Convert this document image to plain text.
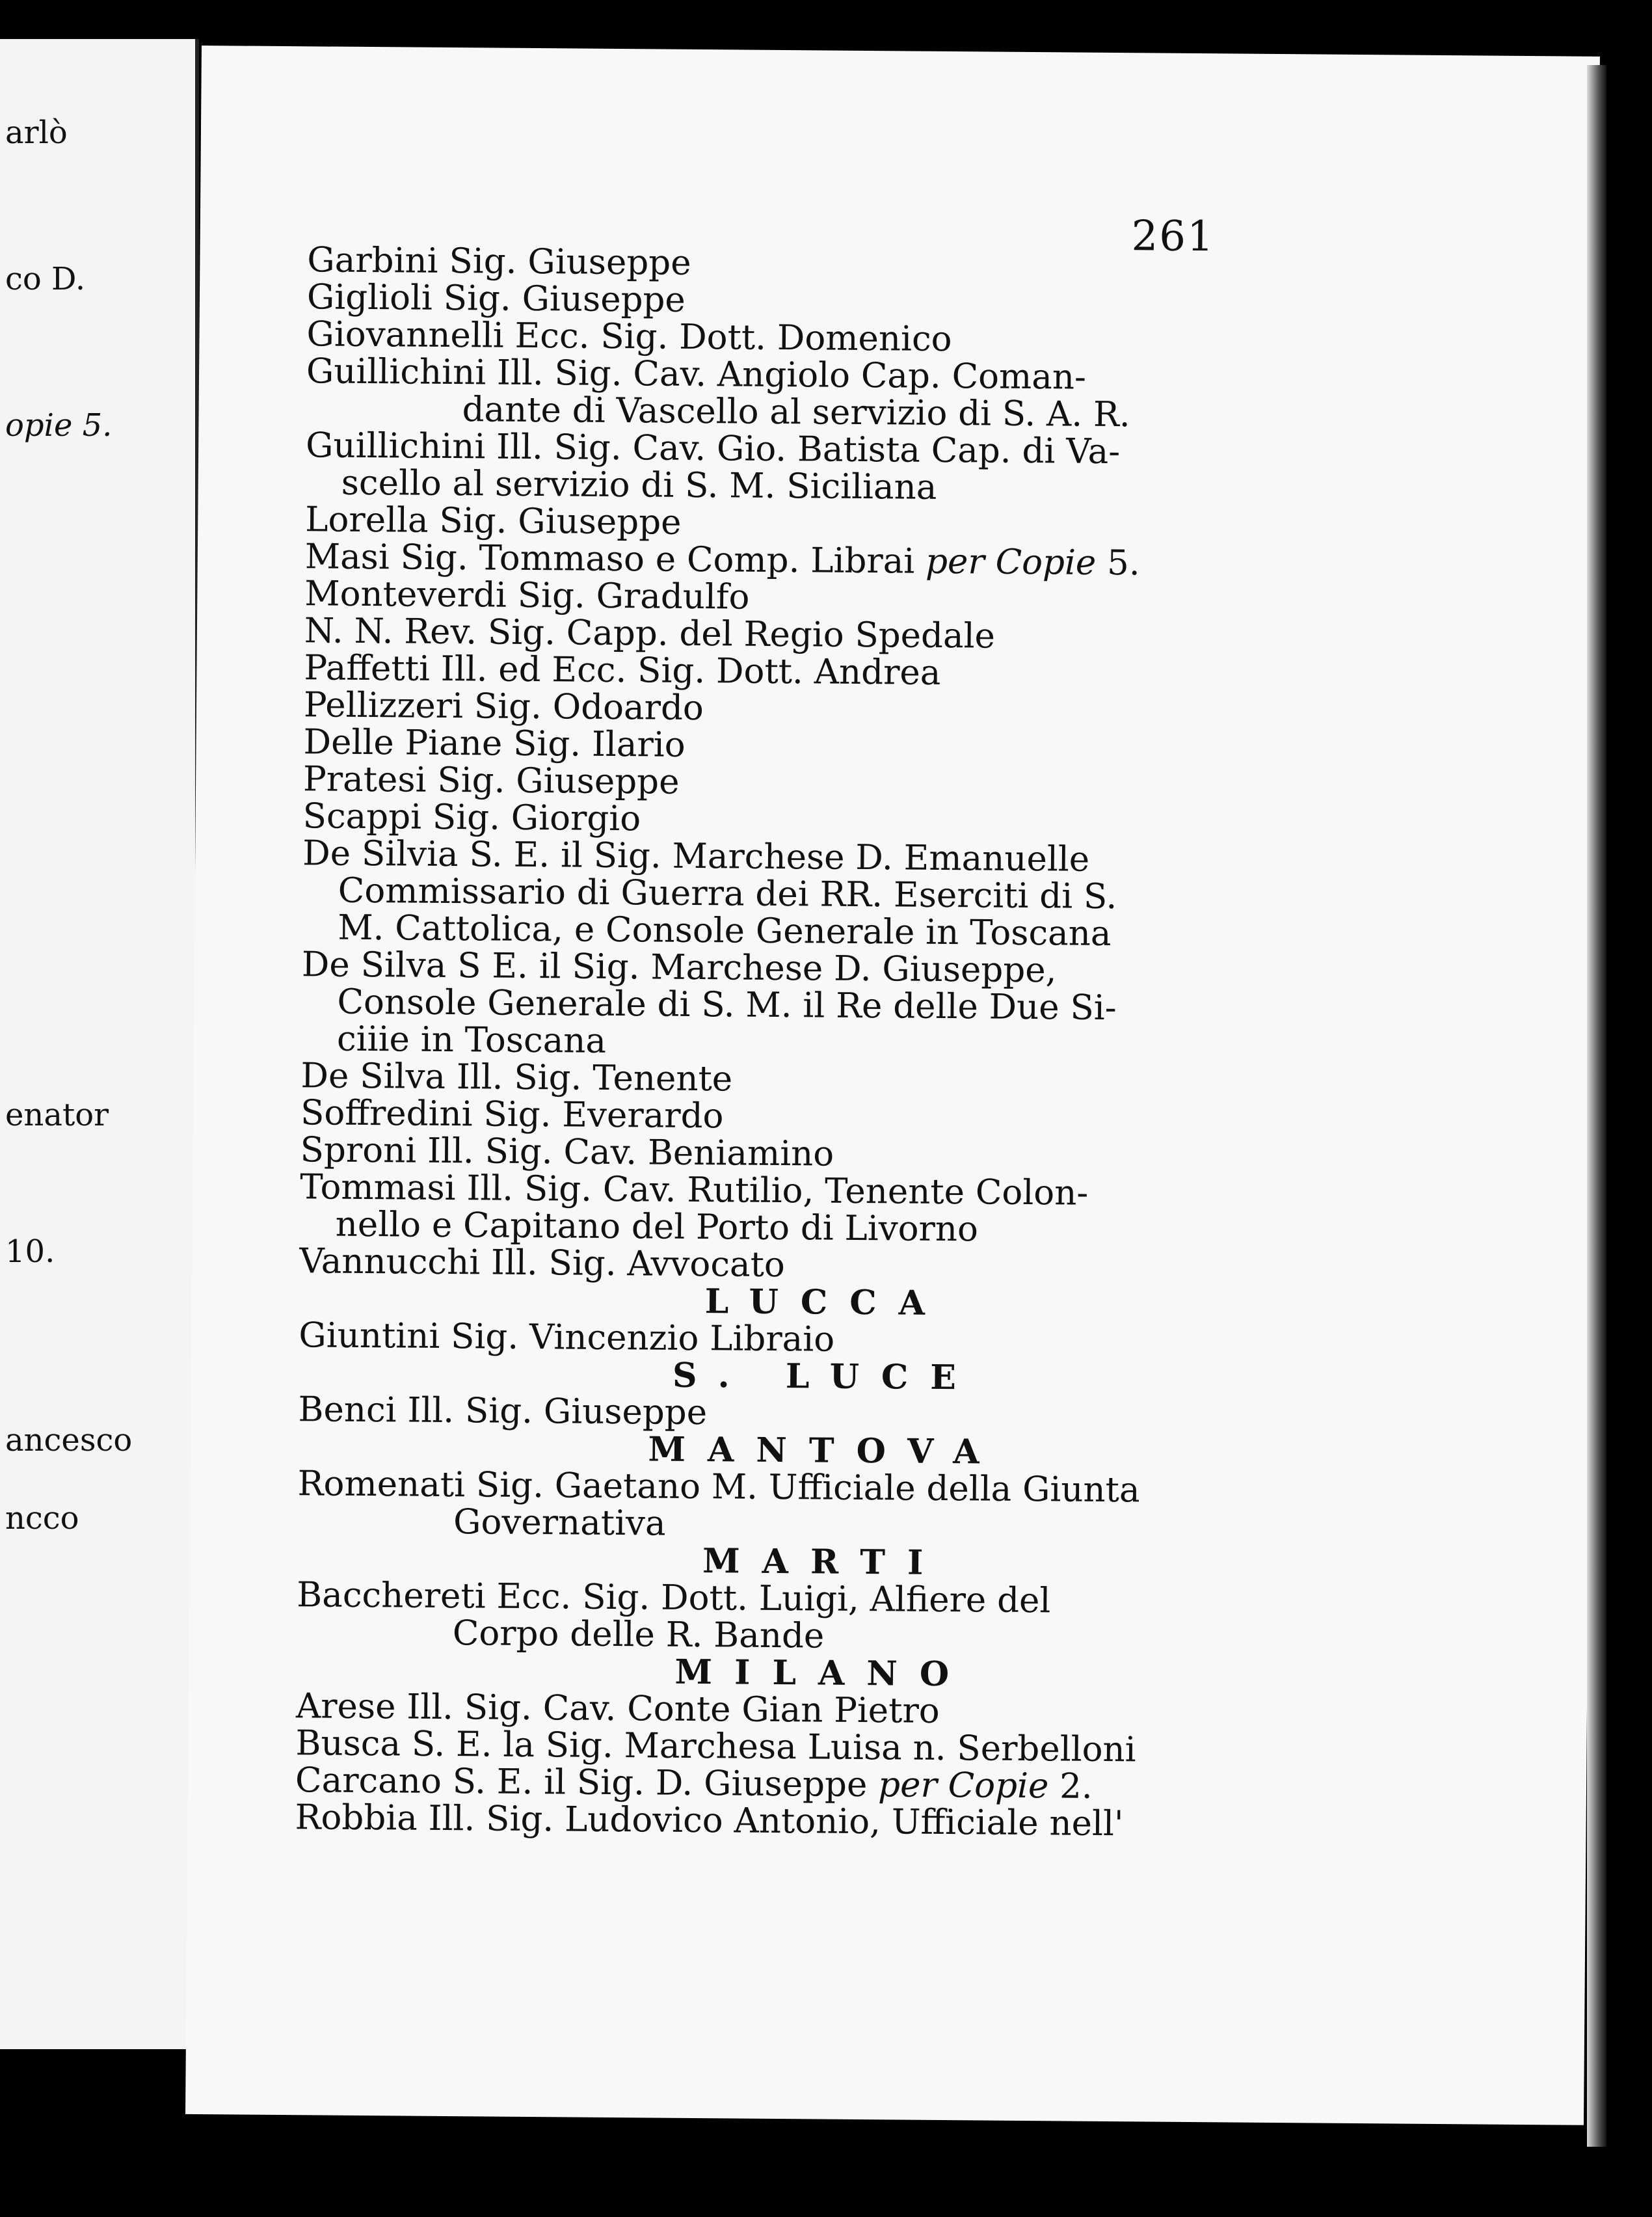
arlò
co D.
opie 5.
enator
10.
ancesco
ncco
261
Garbini Sig. Giuseppe
Giglioli Sig. Giuseppe
Giovannelli Ecc. Sig. Dott. Domenico
Guillichini Ill. Sig. Cav. Angiolo Cap. Coman-
dante di Vascello al servizio di S. A. R.
Guillichini Ill. Sig. Cav. Gio. Batista Cap. di Va-
scello al servizio di S. M. Siciliana
Lorella Sig. Giuseppe
Masi Sig. Tommaso e Comp. Librai per Copie 5.
Monteverdi Sig. Gradulfo
N. N. Rev. Sig. Capp. del Regio Spedale
Paffetti Ill. ed Ecc. Sig. Dott. Andrea
Pellizzeri Sig. Odoardo
Delle Piane Sig. Ilario
Pratesi Sig. Giuseppe
Scappi Sig. Giorgio
De Silvia S. E. il Sig. Marchese D. Emanuelle
Commissario di Guerra dei RR. Eserciti di S.
M. Cattolica, e Console Generale in Toscana
De Silva S E. il Sig. Marchese D. Giuseppe,
Console Generale di S. M. il Re delle Due Si-
ciiie in Toscana
De Silva Ill. Sig. Tenente
Soffredini Sig. Everardo
Sproni Ill. Sig. Cav. Beniamino
Tommasi Ill. Sig. Cav. Rutilio, Tenente Colon-
nello e Capitano del Porto di Livorno
Vannucchi Ill. Sig. Avvocato
LUCCA
Giuntini Sig. Vincenzio Libraio
S. LUCE
Benci Ill. Sig. Giuseppe
MANTOVA
Romenati Sig. Gaetano M. Ufficiale della Giunta
Governativa
MARTI
Bacchereti Ecc. Sig. Dott. Luigi, Alfiere del
Corpo delle R. Bande
MILANO
Arese Ill. Sig. Cav. Conte Gian Pietro
Busca S. E. la Sig. Marchesa Luisa n. Serbelloni
Carcano S. E. il Sig. D. Giuseppe per Copie 2.
Robbia Ill. Sig. Ludovico Antonio, Ufficiale nell'
